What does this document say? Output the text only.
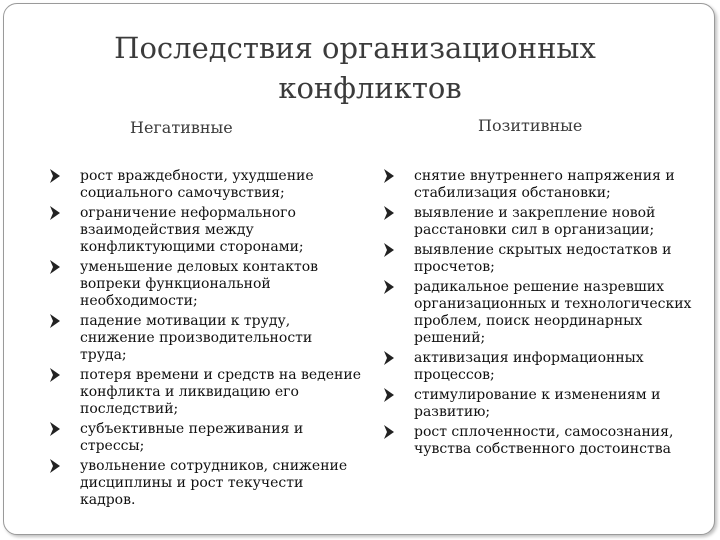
Последствия организационных
конфликтов
Негативные	Позитивные
рост враждебности, ухудшение социального самочувствия;
ограничение неформального взаимодействия между конфликтующими сторонами;
уменьшение деловых контактов вопреки функциональной необходимости;
падение мотивации к труду, снижение производительности труда;
потеря времени и средств на ведение конфликта и ликвидацию его последствий;
субъективные переживания и стрессы;
увольнение сотрудников, снижение дисциплины и рост текучести кадров.
снятие внутреннего напряжения и стабилизация обстановки;
выявление и закрепление новой расстановки сил в организации;
выявление скрытых недостатков и просчетов;
радикальное решение назревших организационных и технологических проблем, поиск неординарных решений;
активизация информационных процессов;
стимулирование к изменениям и развитию;
рост сплоченности, самосознания, чувства собственного достоинства
